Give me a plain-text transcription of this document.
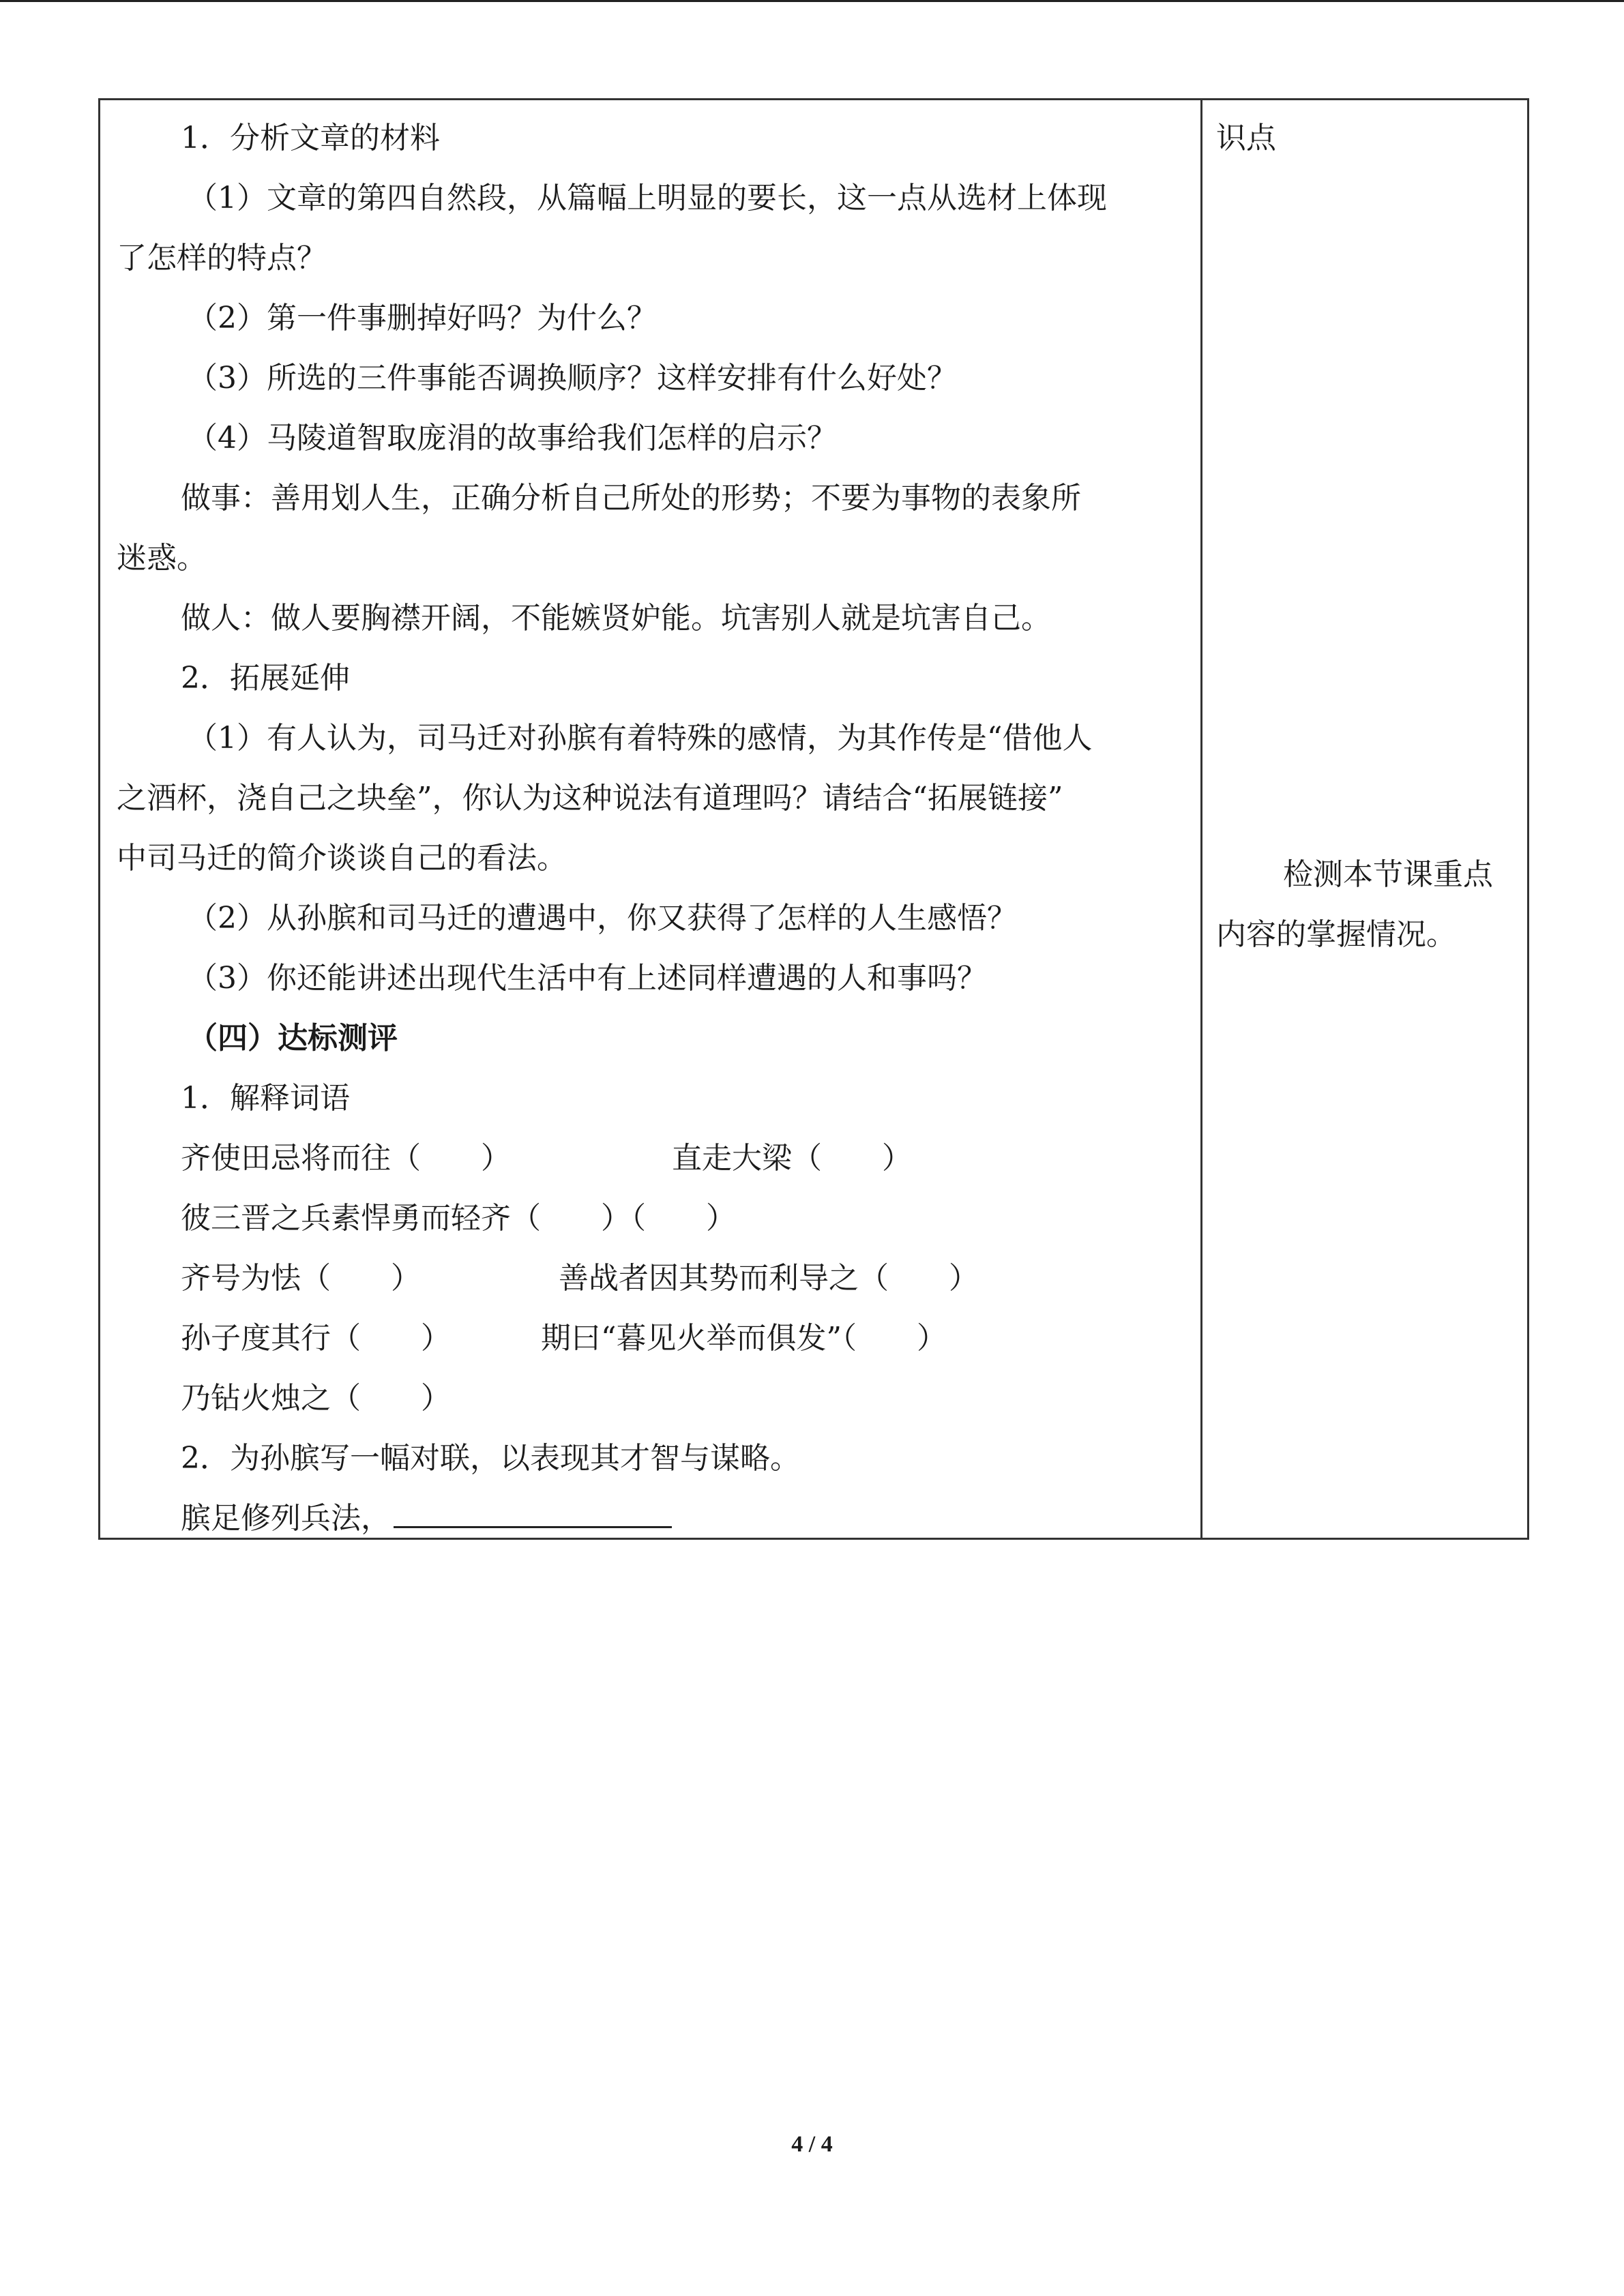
1．分析文章的材料
（1）文章的第四自然段，从篇幅上明显的要长，这一点从选材上体现
了怎样的特点？
（2）第一件事删掉好吗？为什么？
（3）所选的三件事能否调换顺序？这样安排有什么好处？
（4）马陵道智取庞涓的故事给我们怎样的启示？
做事：善用划人生，正确分析自己所处的形势；不要为事物的表象所
迷惑。
做人：做人要胸襟开阔，不能嫉贤妒能。坑害别人就是坑害自己。
2．拓展延伸
（1）有人认为，司马迁对孙膑有着特殊的感情，为其作传是“借他人
之酒杯，浇自己之块垒”，你认为这种说法有道理吗？请结合“拓展链接”
中司马迁的简介谈谈自己的看法。
（2）从孙膑和司马迁的遭遇中，你又获得了怎样的人生感悟？
（3）你还能讲述出现代生活中有上述同样遭遇的人和事吗？
（四）达标测评
1．解释词语
齐使田忌将而往（　　）	直走大梁（　　）
彼三晋之兵素悍勇而轻齐（　　）（　　）
齐号为怯（　　）	善战者因其势而利导之（　　）
孙子度其行（　　）	期曰“暮见火举而俱发”（　　）
乃钻火烛之（　　）
2．为孙膑写一幅对联，以表现其才智与谋略。
膑足修列兵法，
识点
检测本节课重点
内容的掌握情况。
4 / 4
